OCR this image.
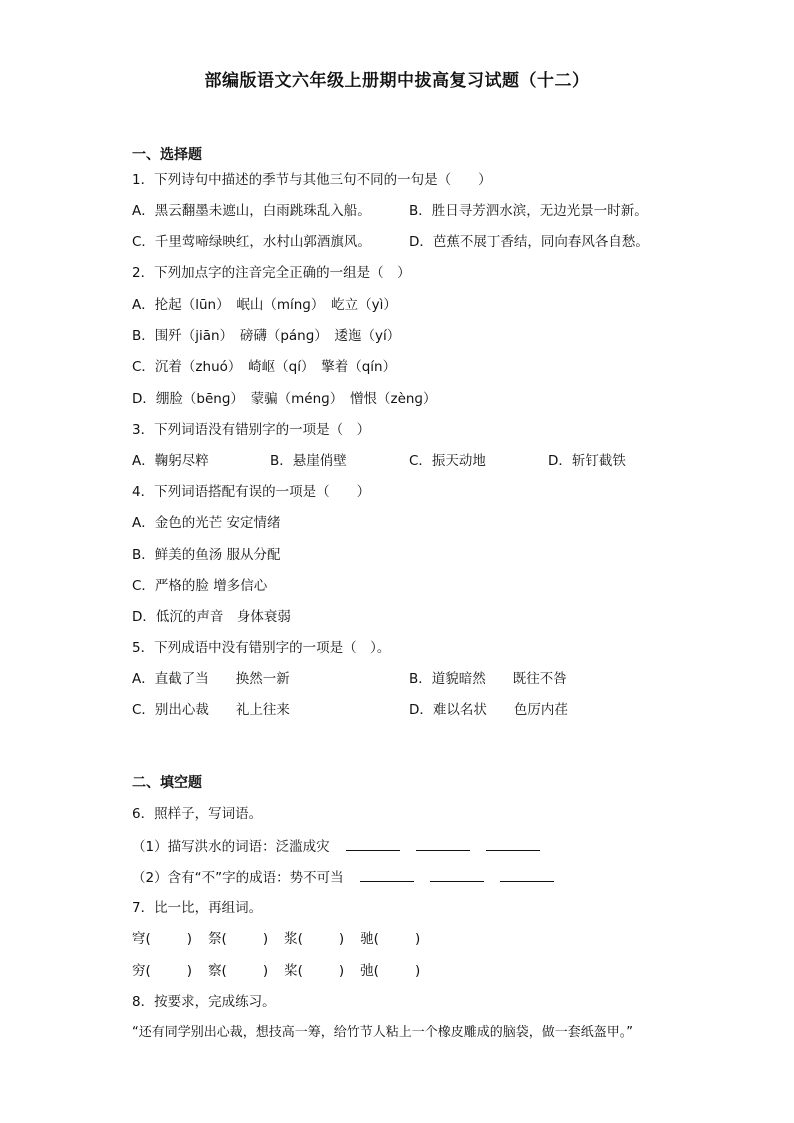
部编版语文六年级上册期中拔高复习试题（十二）
一、选择题
1．下列诗句中描述的季节与其他三句不同的一句是（　　）
A．黑云翻墨未遮山，白雨跳珠乱入船。	B．胜日寻芳泗水滨，无边光景一时新。
C．千里莺啼绿映红，水村山郭酒旗风。	D．芭蕉不展丁香结，同向春风各自愁。
2．下列加点字的注音完全正确的一组是（　）
A．抡起（lūn）　岷山（mínɡ）　屹立（yì）
B．围歼（jiān）　磅礴（pánɡ）　逶迤（yí）
C．沉着（zhuó）　崎岖（qí）　擎着（qín）
D．绷脸（bēnɡ）　蒙骗（ménɡ）　憎恨（zènɡ）
3．下列词语没有错别字的一项是（　）
A．鞠躬尽粹	B．悬崖俏壁	C．振天动地	D．斩钉截铁
4．下列词语搭配有误的一项是（　　）
A．金色的光芒 安定情绪
B．鲜美的鱼汤 服从分配
C．严格的脸 增多信心
D．低沉的声音　身体衰弱
5．下列成语中没有错别字的一项是（　）。
A．直截了当　　换然一新	B．道貌暗然　　既往不咎
C．别出心裁　　礼上往来	D．难以名状　　色厉内荏
二、填空题
6．照样子，写词语。
（1）描写洪水的词语：泛滥成灾
（2）含有“不”字的成语：势不可当
7．比一比，再组词。
穹(	) 祭(	) 浆(	) 驰(	)
穷(	) 察(	) 桨(	) 弛(	)
8．按要求，完成练习。
“还有同学别出心裁，想技高一筹，给竹节人粘上一个橡皮雕成的脑袋，做一套纸盔甲。”
